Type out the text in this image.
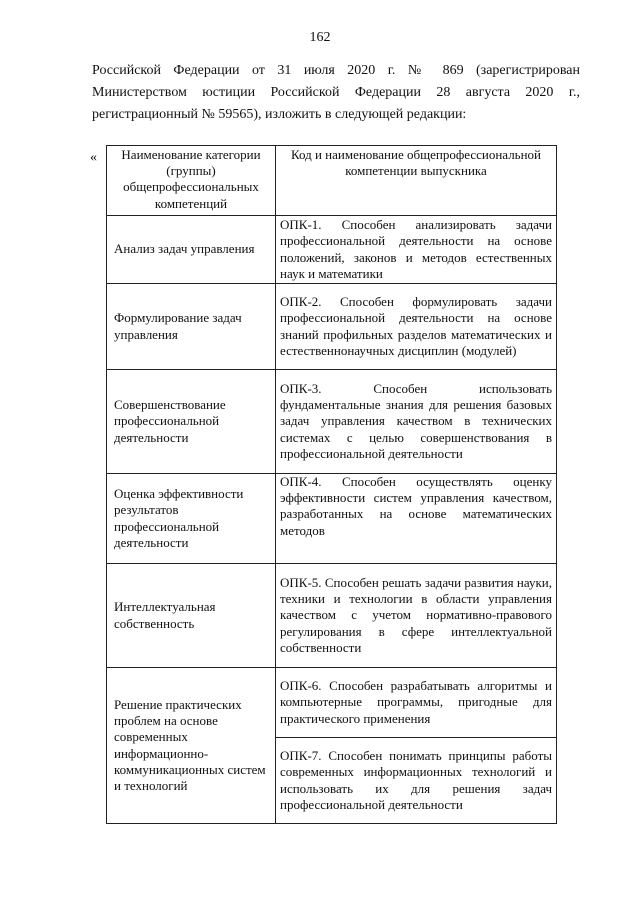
162
Российской Федерации от 31 июля 2020 г. № 869 (зарегистрирован
Министерством юстиции Российской Федерации 28 августа 2020 г.,
регистрационный № 59565), изложить в следующей редакции:
« Наименование категории (группы) общепрофессиональных компетенций	Код и наименование общепрофессиональной компетенции выпускника
Анализ задач управления	ОПК-1. Способен анализировать задачи профессиональной деятельности на основе положений, законов и методов естественных наук и математики

Формулирование задач управления	ОПК-2. Способен формулировать задачи профессиональной деятельности на основе знаний профильных разделов математических и естественнонаучных дисциплин (модулей)

Совершенствование профессиональной деятельности	ОПК-3. Способен использовать фундаментальные знания для решения базовых задач управления качеством в технических системах с целью совершенствования в профессиональной деятельности

Оценка эффективности результатов профессиональной деятельности	ОПК-4. Способен осуществлять оценку эффективности систем управления качеством, разработанных на основе математических методов

Интеллектуальная собственность	ОПК-5. Способен решать задачи развития науки, техники и технологии в области управления качеством с учетом нормативно-правового регулирования в сфере интеллектуальной собственности

Решение практических проблем на основе современных информационно-коммуникационных систем и технологий	ОПК-6. Способен разрабатывать алгоритмы и компьютерные программы, пригодные для практического применения

	ОПК-7. Способен понимать принципы работы современных информационных технологий и использовать их для решения задач профессиональной деятельности
